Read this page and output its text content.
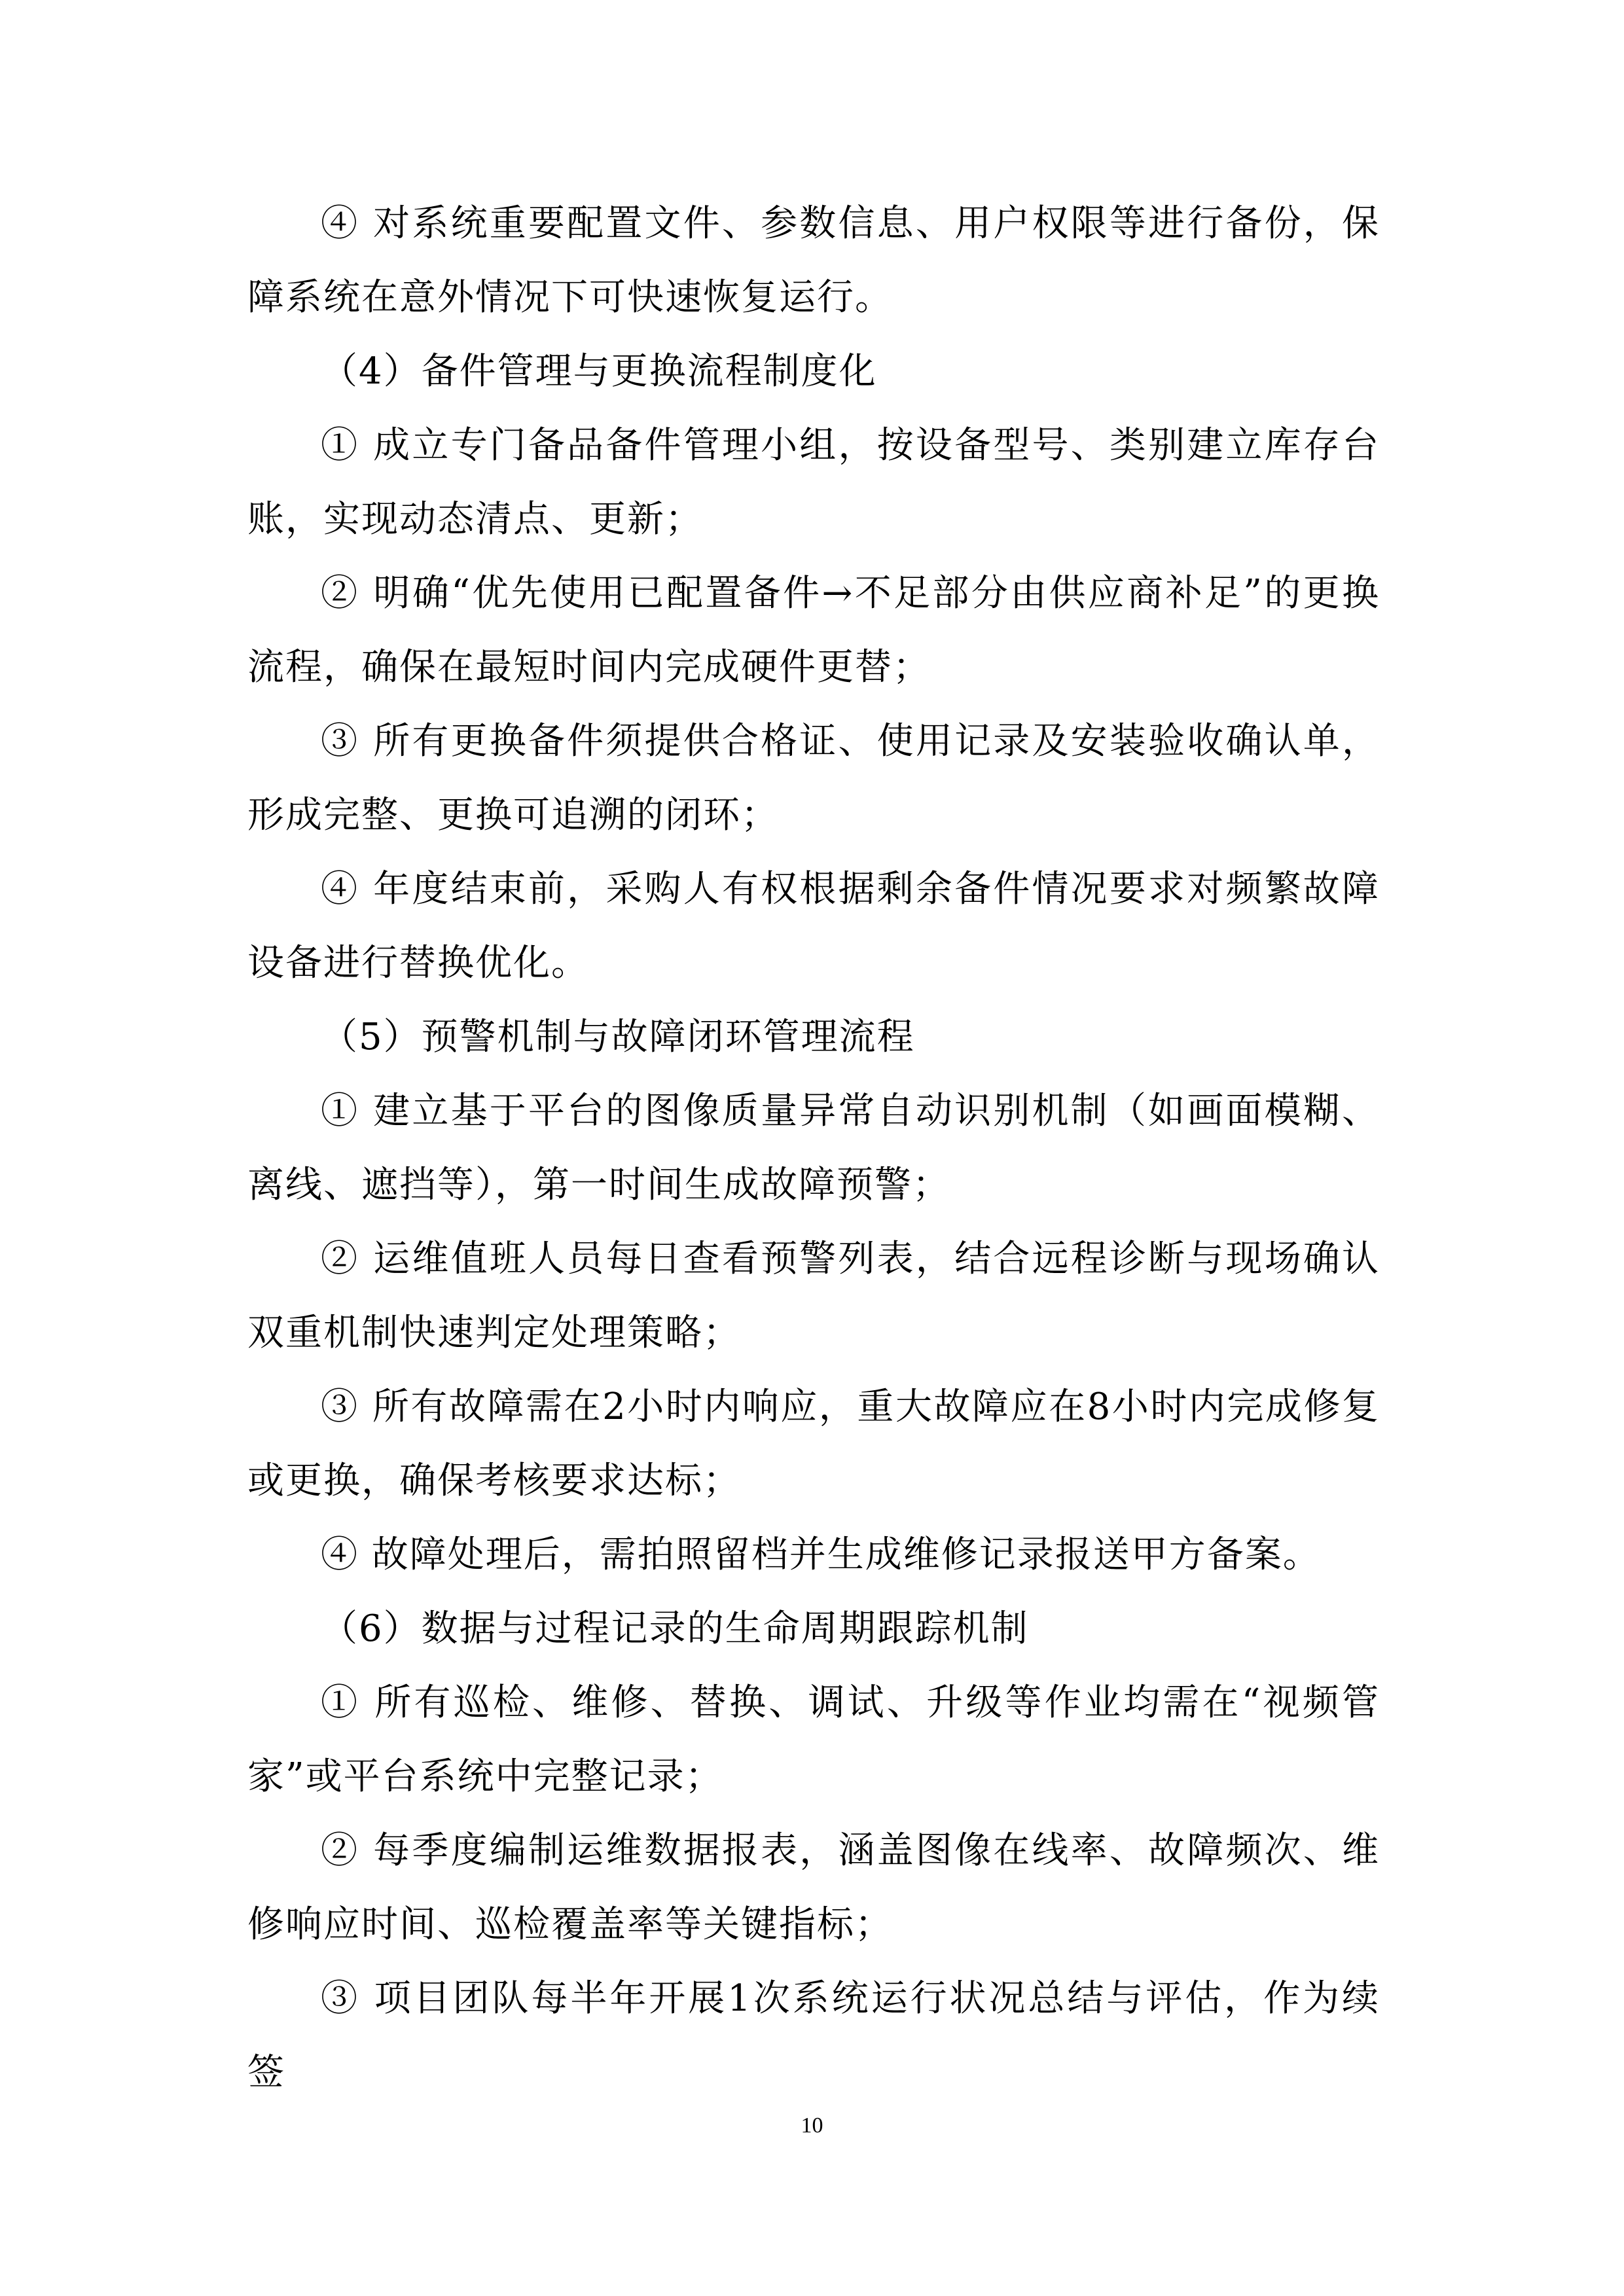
④ 对系统重要配置文件、参数信息、用户权限等进行备份，保障系统在意外情况下可快速恢复运行。

（4）备件管理与更换流程制度化

① 成立专门备品备件管理小组，按设备型号、类别建立库存台账，实现动态清点、更新；

② 明确“优先使用已配置备件→不足部分由供应商补足”的更换流程，确保在最短时间内完成硬件更替；

③ 所有更换备件须提供合格证、使用记录及安装验收确认单，形成完整、更换可追溯的闭环；

④ 年度结束前，采购人有权根据剩余备件情况要求对频繁故障设备进行替换优化。

（5）预警机制与故障闭环管理流程

① 建立基于平台的图像质量异常自动识别机制（如画面模糊、离线、遮挡等），第一时间生成故障预警；

② 运维值班人员每日查看预警列表，结合远程诊断与现场确认双重机制快速判定处理策略；

③ 所有故障需在2小时内响应，重大故障应在8小时内完成修复或更换，确保考核要求达标；

④ 故障处理后，需拍照留档并生成维修记录报送甲方备案。

（6）数据与过程记录的生命周期跟踪机制

① 所有巡检、维修、替换、调试、升级等作业均需在“视频管家”或平台系统中完整记录；

② 每季度编制运维数据报表，涵盖图像在线率、故障频次、维修响应时间、巡检覆盖率等关键指标；

③ 项目团队每半年开展1次系统运行状况总结与评估，作为续签

10
